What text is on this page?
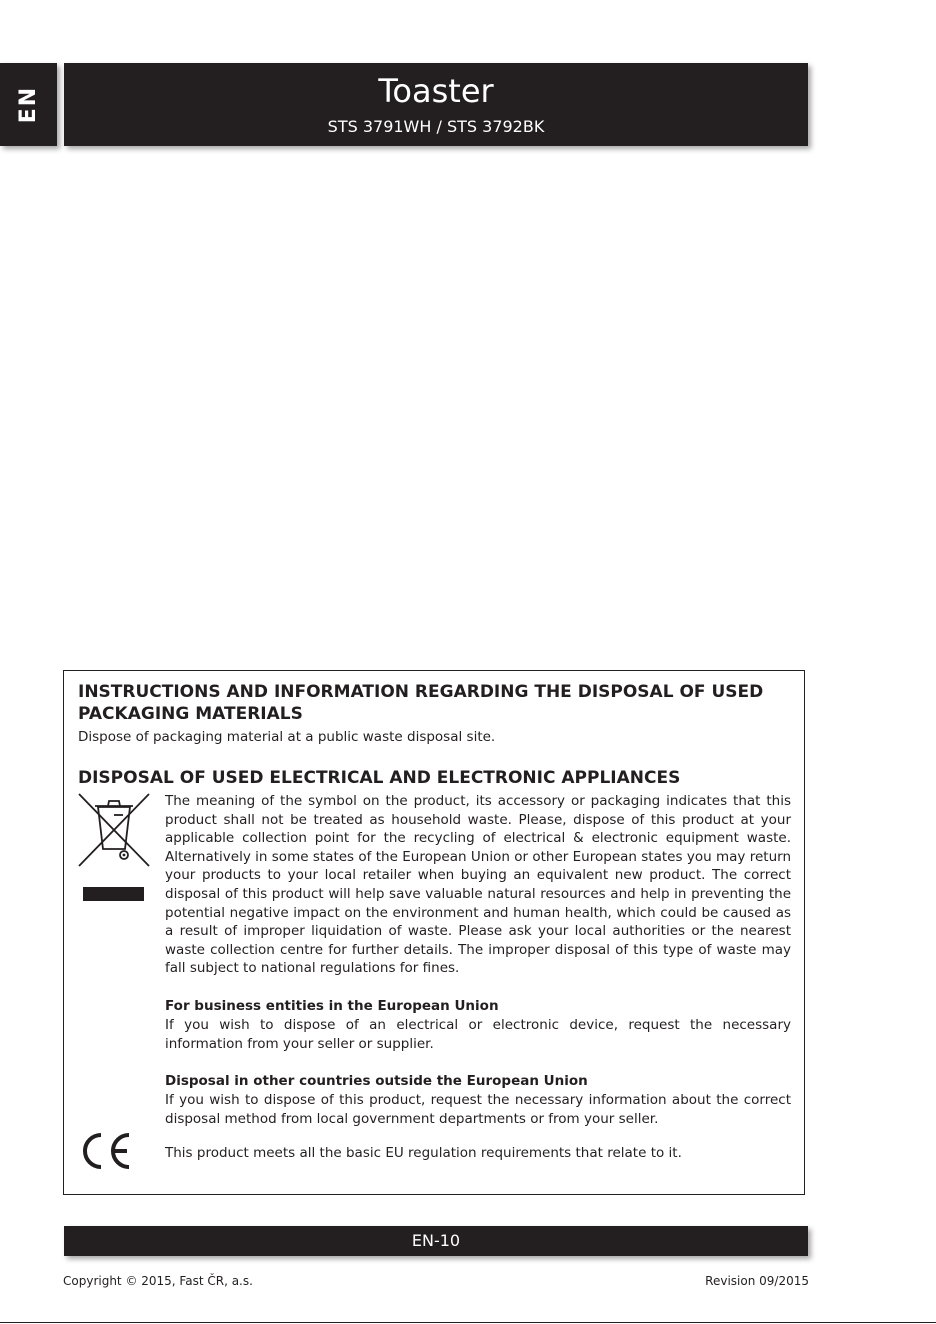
EN	Toaster
STS 3791WH / STS 3792BK
INSTRUCTIONS AND INFORMATION REGARDING THE DISPOSAL OF USED PACKAGING MATERIALS
Dispose of packaging material at a public waste disposal site.
DISPOSAL OF USED ELECTRICAL AND ELECTRONIC APPLIANCES
The meaning of the symbol on the product, its accessory or packaging indicates that this product shall not be treated as household waste. Please, dispose of this product at your applicable collection point for the recycling of electrical & electronic equipment waste. Alternatively in some states of the European Union or other European states you may return your products to your local retailer when buying an equivalent new product. The correct disposal of this product will help save valuable natural resources and help in preventing the potential negative impact on the environment and human health, which could be caused as a result of improper liquidation of waste. Please ask your local authorities or the nearest waste collection centre for further details. The improper disposal of this type of waste may fall subject to national regulations for fines.
For business entities in the European Union
If you wish to dispose of an electrical or electronic device, request the necessary information from your seller or supplier.
Disposal in other countries outside the European Union
If you wish to dispose of this product, request the necessary information about the correct disposal method from local government departments or from your seller.
This product meets all the basic EU regulation requirements that relate to it.
EN-10
Copyright © 2015, Fast ČR, a.s.	Revision 09/2015
